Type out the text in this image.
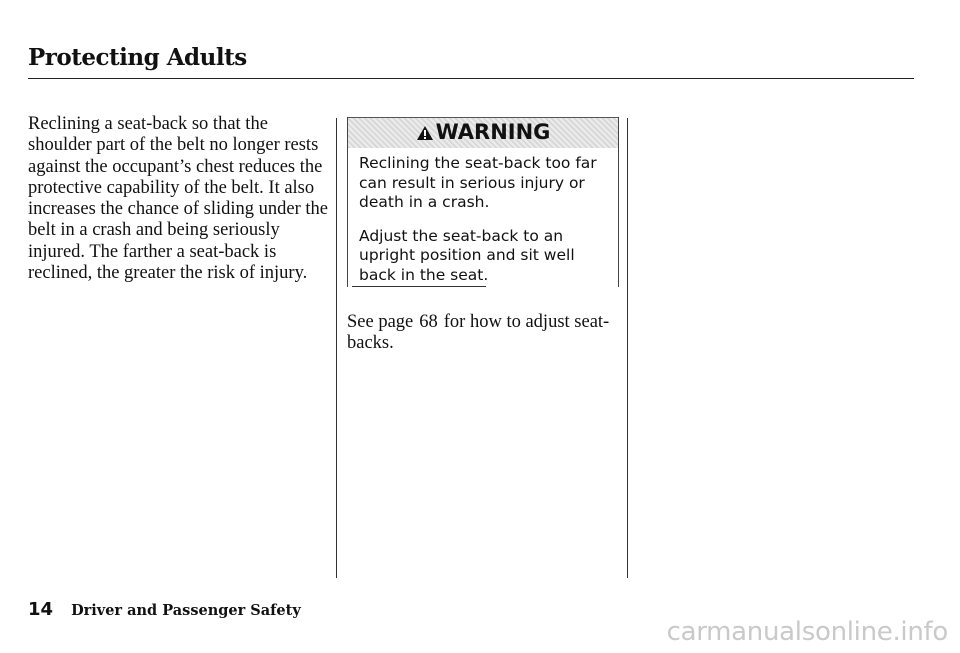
Protecting Adults

Reclining a seat-back so that the shoulder part of the belt no longer rests against the occupant’s chest reduces the protective capability of the belt. It also increases the chance of sliding under the belt in a crash and being seriously injured. The farther a seat-back is reclined, the greater the risk of injury.

WARNING

Reclining the seat-back too far can result in serious injury or death in a crash.

Adjust the seat-back to an upright position and sit well back in the seat.

See page 68 for how to adjust seat-backs.

14 Driver and Passenger Safety

carmanualsonline.info
